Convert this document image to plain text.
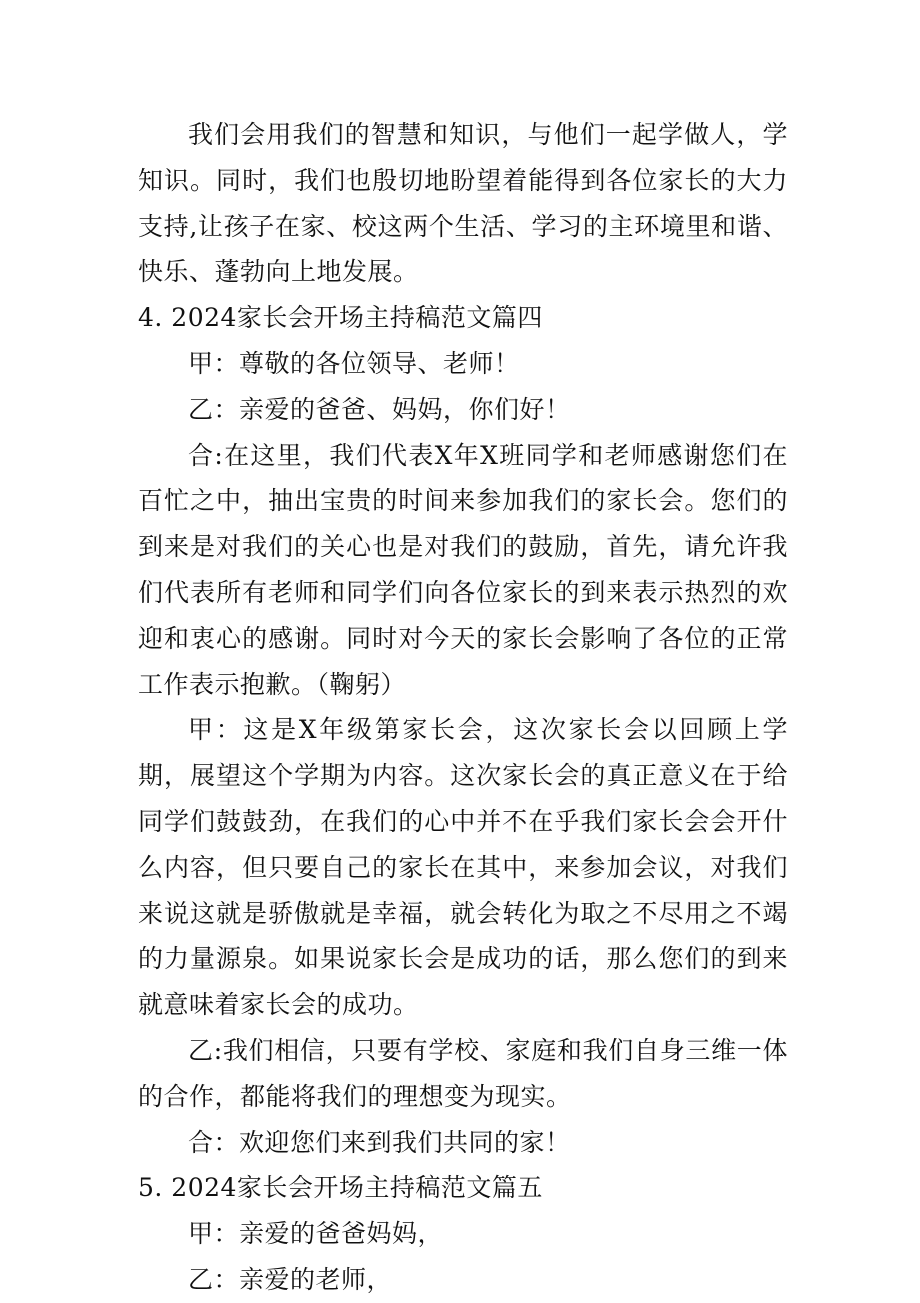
我们会用我们的智慧和知识，与他们一起学做人，学知识。同时，我们也殷切地盼望着能得到各位家长的大力支持,让孩子在家、校这两个生活、学习的主环境里和谐、快乐、蓬勃向上地发展。

4. 2024家长会开场主持稿范文篇四

甲：尊敬的各位领导、老师！

乙：亲爱的爸爸、妈妈，你们好！

合:在这里，我们代表X年X班同学和老师感谢您们在百忙之中，抽出宝贵的时间来参加我们的家长会。您们的到来是对我们的关心也是对我们的鼓励，首先，请允许我们代表所有老师和同学们向各位家长的到来表示热烈的欢迎和衷心的感谢。同时对今天的家长会影响了各位的正常工作表示抱歉。（鞠躬）

甲：这是X年级第家长会，这次家长会以回顾上学期，展望这个学期为内容。这次家长会的真正意义在于给同学们鼓鼓劲，在我们的心中并不在乎我们家长会会开什么内容，但只要自己的家长在其中，来参加会议，对我们来说这就是骄傲就是幸福，就会转化为取之不尽用之不竭的力量源泉。如果说家长会是成功的话，那么您们的到来就意味着家长会的成功。

乙:我们相信，只要有学校、家庭和我们自身三维一体的合作，都能将我们的理想变为现实。

合：欢迎您们来到我们共同的家！

5. 2024家长会开场主持稿范文篇五

甲：亲爱的爸爸妈妈，

乙：亲爱的老师，
